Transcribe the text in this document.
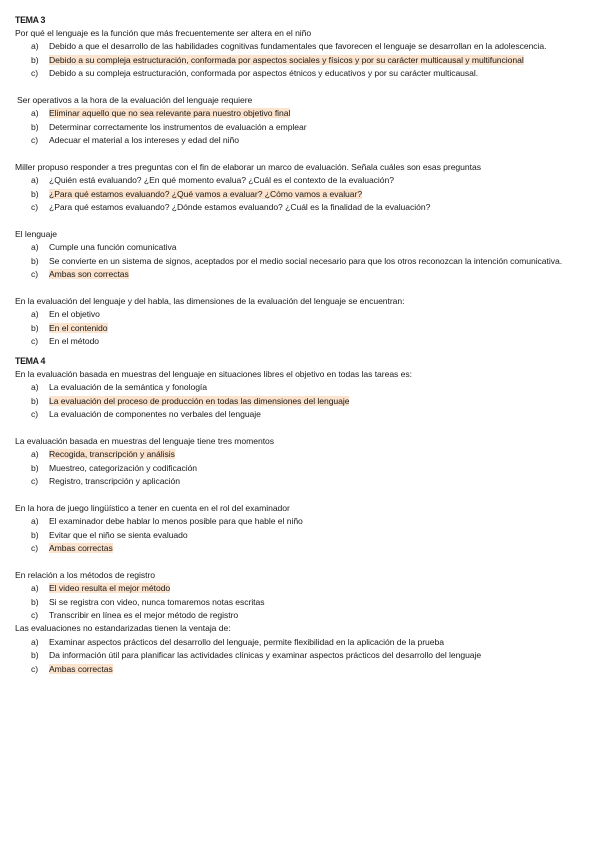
TEMA 3
Por qué el lenguaje es la función que más frecuentemente ser altera en el niño
a) Debido a que el desarrollo de las habilidades cognitivas fundamentales que favorecen el lenguaje se desarrollan en la adolescencia.
b) Debido a su compleja estructuración, conformada por aspectos sociales y físicos y por su carácter multicausal y multifuncional
c) Debido a su compleja estructuración, conformada por aspectos étnicos y educativos y por su carácter multicausal.
Ser operativos a la hora de la evaluación del lenguaje requiere
a) Eliminar aquello que no sea relevante para nuestro objetivo final
b) Determinar correctamente los instrumentos de evaluación a emplear
c) Adecuar el material a los intereses y edad del niño
Miller propuso responder a tres preguntas con el fin de elaborar un marco de evaluación. Señala cuáles son esas preguntas
a) ¿Quién está evaluando? ¿En qué momento evalua? ¿Cuál es el contexto de la evaluación?
b) ¿Para qué estamos evaluando? ¿Qué vamos a evaluar? ¿Cómo vamos a evaluar?
c) ¿Para qué estamos evaluando? ¿Dónde estamos evaluando? ¿Cuál es la finalidad de la evaluación?
El lenguaje
a) Cumple una función comunicativa
b) Se convierte en un sistema de signos, aceptados por el medio social necesario para que los otros reconozcan la intención comunicativa.
c) Ambas son correctas
En la evaluación del lenguaje y del habla, las dimensiones de la evaluación del lenguaje se encuentran:
a) En el objetivo
b) En el contenido
c) En el método
TEMA 4
En la evaluación basada en muestras del lenguaje en situaciones libres el objetivo en todas las tareas es:
a) La evaluación de la semántica y fonología
b) La evaluación del proceso de producción en todas las dimensiones del lenguaje
c) La evaluación de componentes no verbales del lenguaje
La evaluación basada en muestras del lenguaje tiene tres momentos
a) Recogida, transcripción y análisis
b) Muestreo, categorización y codificación
c) Registro, transcripción y aplicación
En la hora de juego lingüístico a tener en cuenta en el rol del examinador
a) El examinador debe hablar lo menos posible para que hable el niño
b) Evitar que el niño se sienta evaluado
c) Ambas correctas
En relación a los métodos de registro
a) El video resulta el mejor método
b) Si se registra con video, nunca tomaremos notas escritas
c) Transcribir en línea es el mejor método de registro
Las evaluaciones no estandarizadas tienen la ventaja de:
a) Examinar aspectos prácticos del desarrollo del lenguaje, permite flexibilidad en la aplicación de la prueba
b) Da información útil para planificar las actividades clínicas y examinar aspectos prácticos del desarrollo del lenguaje
c) Ambas correctas
